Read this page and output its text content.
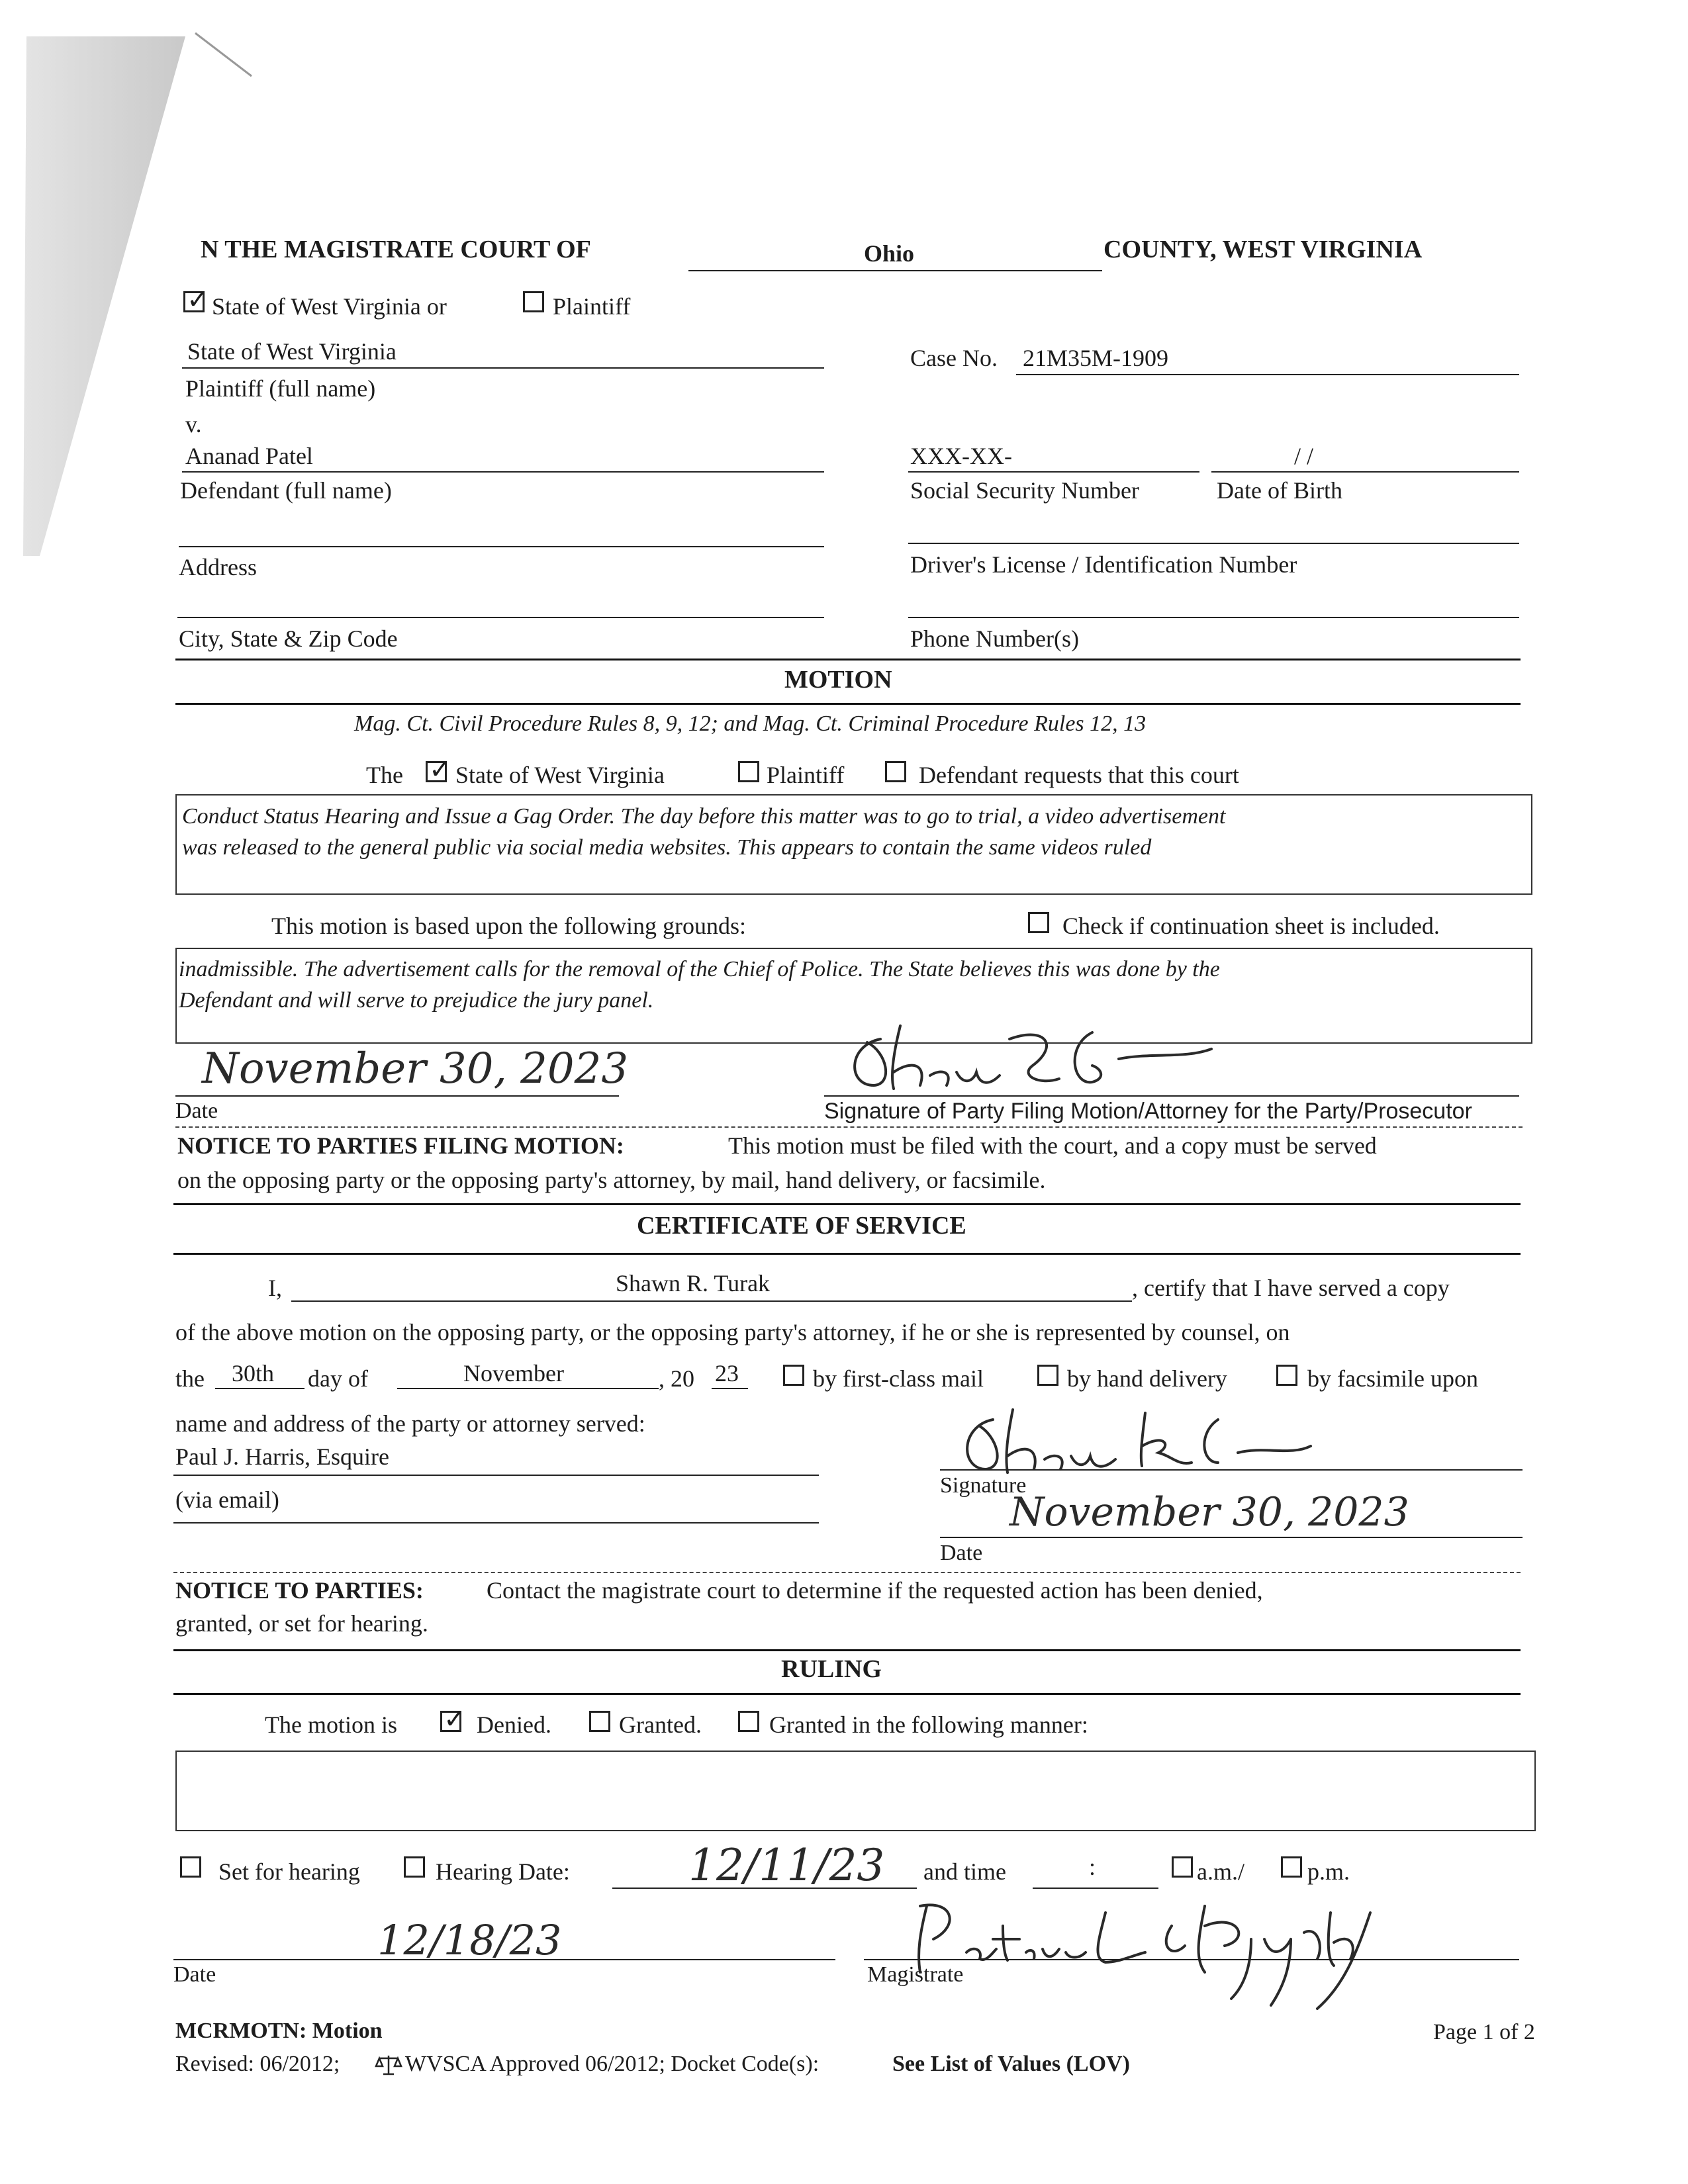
N THE MAGISTRATE COURT OF	Ohio	COUNTY, WEST VIRGINIA
✓ State of West Virginia or	Plaintiff
State of West Virginia
Plaintiff (full name)
v.
Ananad Patel
Defendant (full name)
Address
City, State & Zip Code
Case No. 21M35M-1909
XXX-XX-	/ /
Social Security Number	Date of Birth
Driver's License / Identification Number
Phone Number(s)
MOTION
Mag. Ct. Civil Procedure Rules 8, 9, 12; and Mag. Ct. Criminal Procedure Rules 12, 13
The ✓ State of West Virginia	Plaintiff	Defendant requests that this court
Conduct Status Hearing and Issue a Gag Order. The day before this matter was to go to trial, a video advertisement
was released to the general public via social media websites. This appears to contain the same videos ruled
This motion is based upon the following grounds:	Check if continuation sheet is included.
inadmissible. The advertisement calls for the removal of the Chief of Police. The State believes this was done by the
Defendant and will serve to prejudice the jury panel.
November 30, 2023
Date	Signature of Party Filing Motion/Attorney for the Party/Prosecutor
NOTICE TO PARTIES FILING MOTION:	This motion must be filed with the court, and a copy must be served
on the opposing party or the opposing party's attorney, by mail, hand delivery, or facsimile.
CERTIFICATE OF SERVICE
I,	Shawn R. Turak	, certify that I have served a copy
of the above motion on the opposing party, or the opposing party's attorney, if he or she is represented by counsel, on
the 30th day of	November	, 20 23	by first-class mail	by hand delivery	by facsimile upon
name and address of the party or attorney served:
Paul J. Harris, Esquire
(via email)
Signature
November 30, 2023
Date
NOTICE TO PARTIES:	Contact the magistrate court to determine if the requested action has been denied,
granted, or set for hearing.
RULING
The motion is ✓ Denied.	Granted.	Granted in the following manner:
Set for hearing	Hearing Date:	12/11/23 and time	:	a.m./	p.m.
12/18/23
Date	Magistrate
MCRMOTN: Motion	Page 1 of 2
Revised: 06/2012;	WVSCA Approved 06/2012; Docket Code(s):	See List of Values (LOV)
